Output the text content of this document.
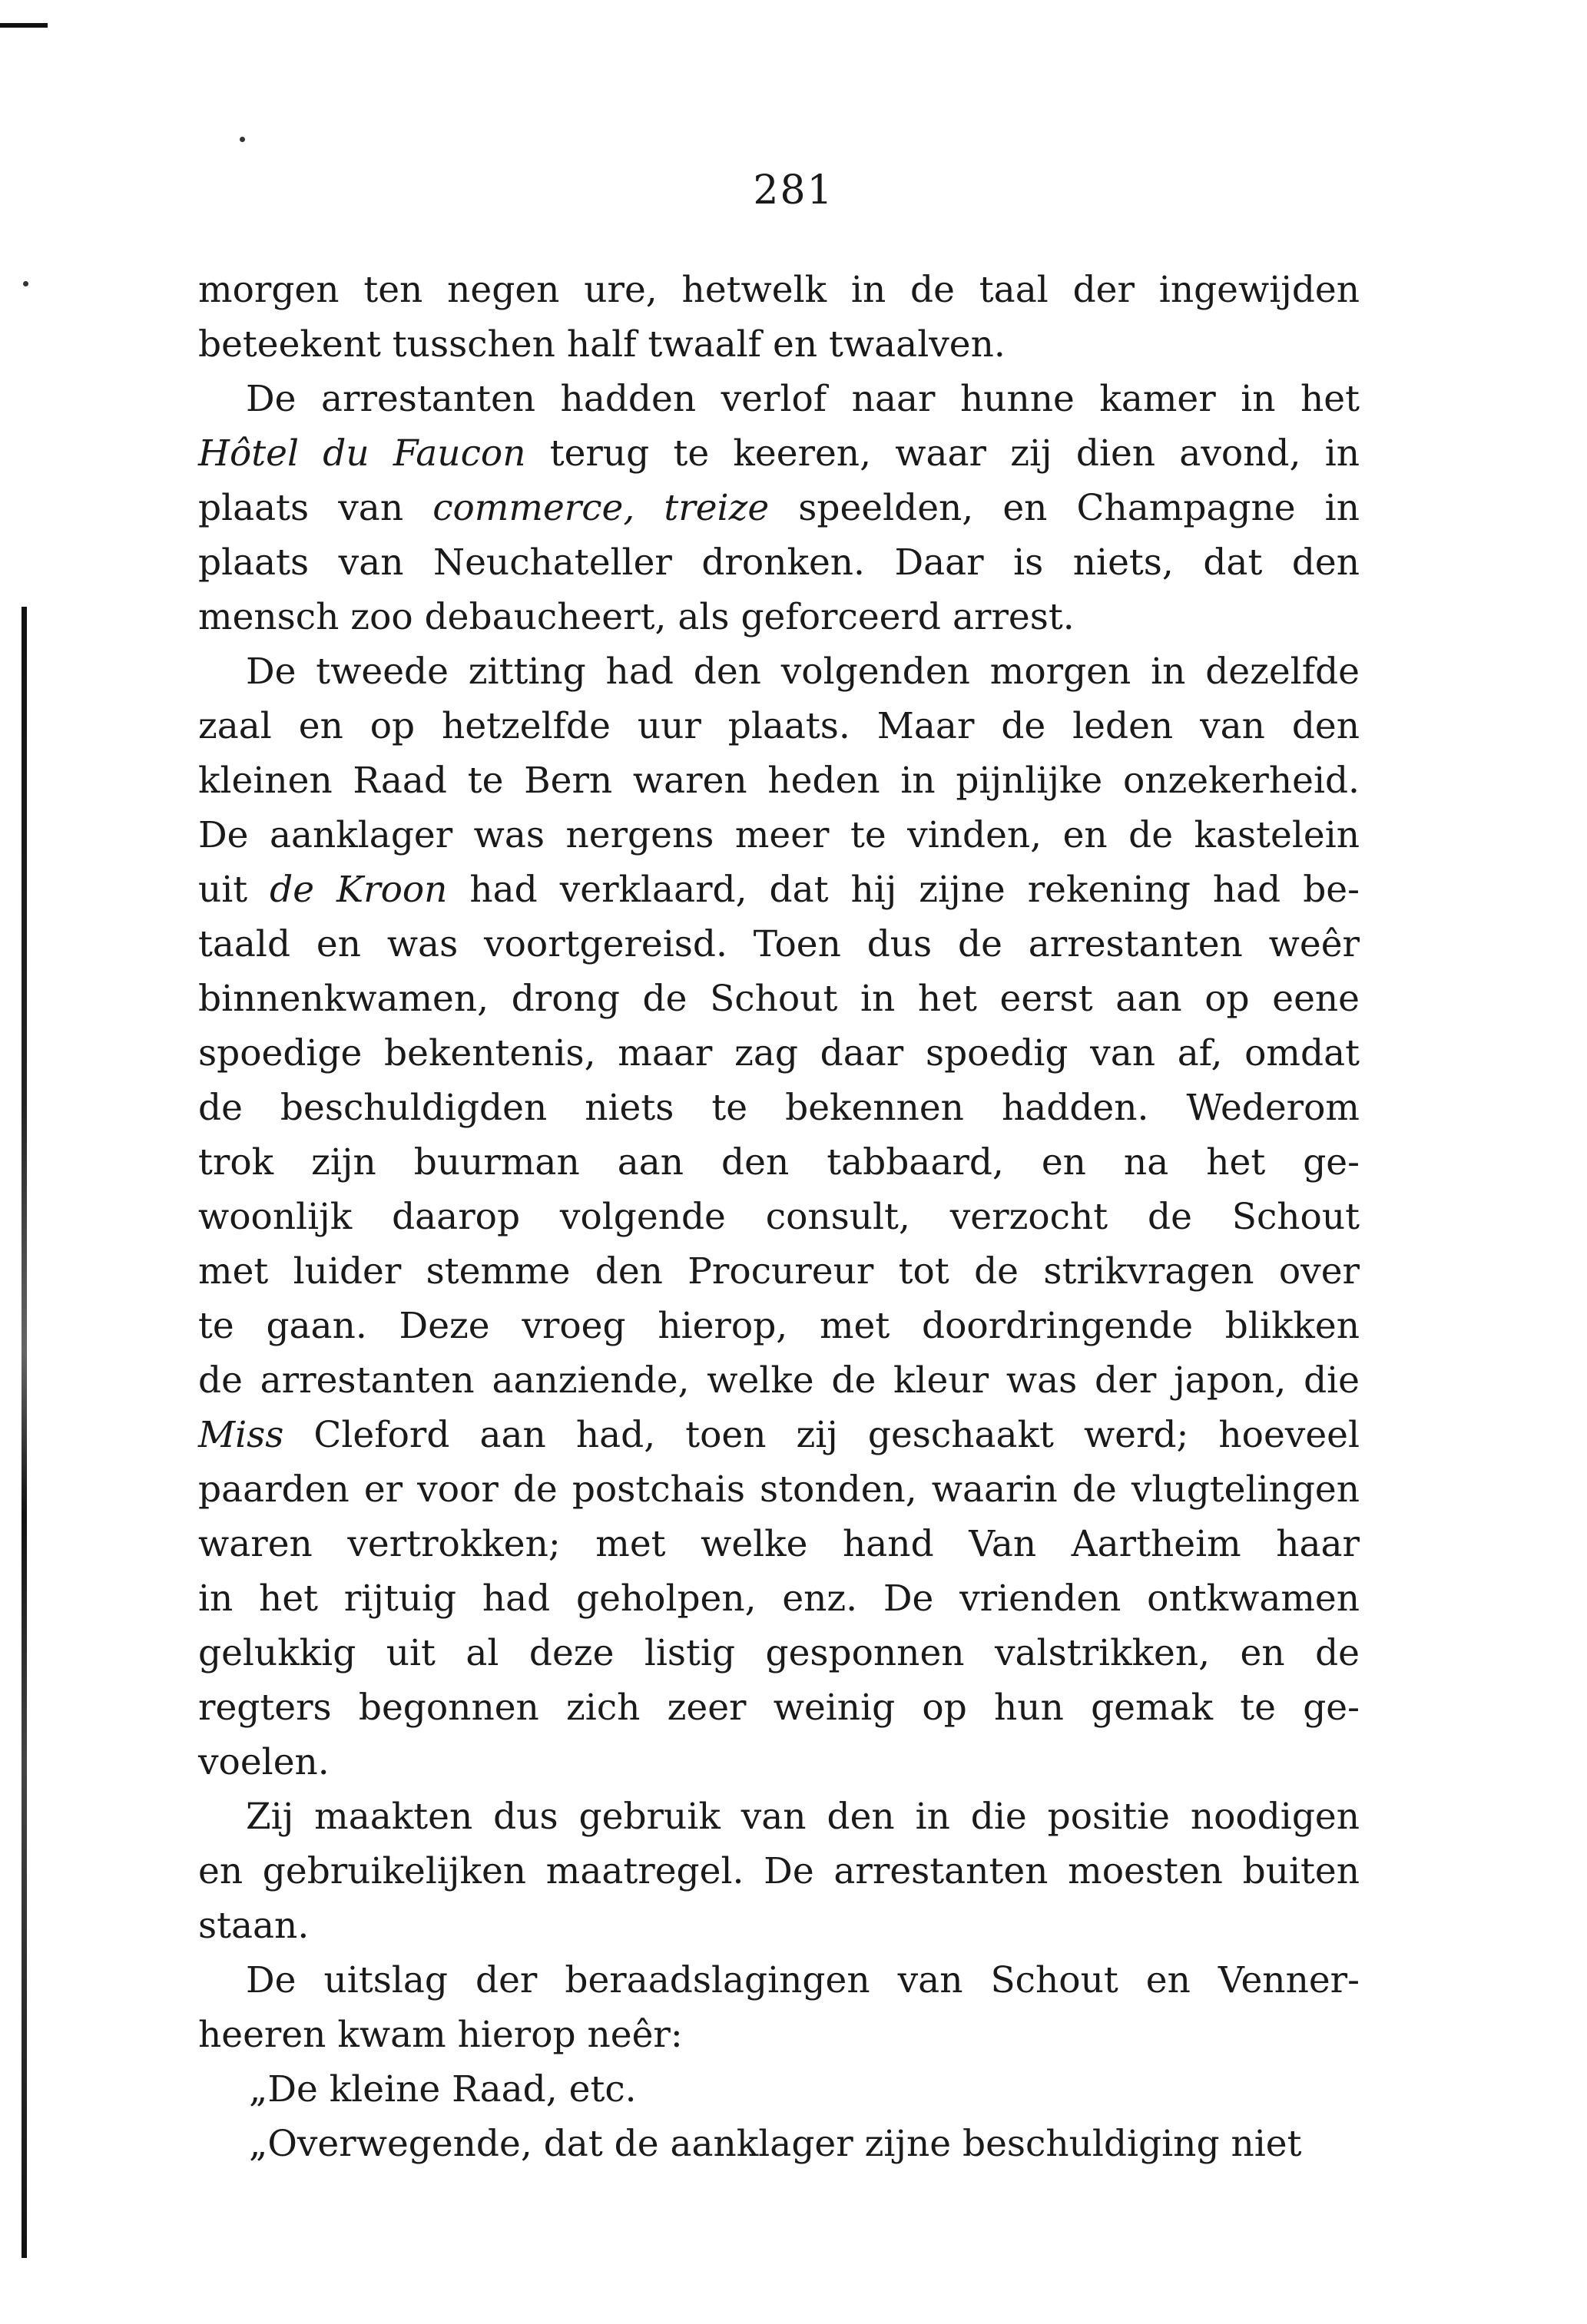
281
morgen ten negen ure, hetwelk in de taal der ingewijden
beteekent tusschen half twaalf en twaalven.
De arrestanten hadden verlof naar hunne kamer in het
Hôtel du Faucon terug te keeren, waar zij dien avond, in
plaats van commerce, treize speelden, en Champagne in
plaats van Neuchateller dronken. Daar is niets, dat den
mensch zoo debaucheert, als geforceerd arrest.
De tweede zitting had den volgenden morgen in dezelfde
zaal en op hetzelfde uur plaats. Maar de leden van den
kleinen Raad te Bern waren heden in pijnlijke onzekerheid.
De aanklager was nergens meer te vinden, en de kastelein
uit de Kroon had verklaard, dat hij zijne rekening had be-
taald en was voortgereisd. Toen dus de arrestanten weêr
binnenkwamen, drong de Schout in het eerst aan op eene
spoedige bekentenis, maar zag daar spoedig van af, omdat
de beschuldigden niets te bekennen hadden. Wederom
trok zijn buurman aan den tabbaard, en na het ge-
woonlijk daarop volgende consult, verzocht de Schout
met luider stemme den Procureur tot de strikvragen over
te gaan. Deze vroeg hierop, met doordringende blikken
de arrestanten aanziende, welke de kleur was der japon, die
Miss Cleford aan had, toen zij geschaakt werd; hoeveel
paarden er voor de postchais stonden, waarin de vlugtelingen
waren vertrokken; met welke hand Van Aartheim haar
in het rijtuig had geholpen, enz. De vrienden ontkwamen
gelukkig uit al deze listig gesponnen valstrikken, en de
regters begonnen zich zeer weinig op hun gemak te ge-
voelen.
Zij maakten dus gebruik van den in die positie noodigen
en gebruikelijken maatregel. De arrestanten moesten buiten
staan.
De uitslag der beraadslagingen van Schout en Venner-
heeren kwam hierop neêr:
„De kleine Raad, etc.
„Overwegende, dat de aanklager zijne beschuldiging niet
